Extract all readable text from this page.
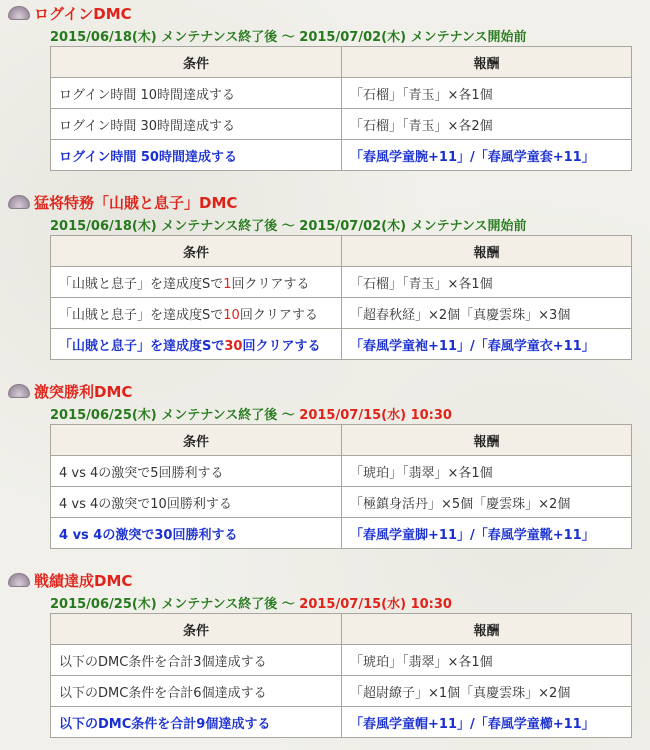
ログインDMC
2015/06/18(木) メンテナンス終了後 ～ 2015/07/02(木) メンテナンス開始前
条件	報酬
ログイン時間 10時間達成する	「石榴」「青玉」×各1個
ログイン時間 30時間達成する	「石榴」「青玉」×各2個
ログイン時間 50時間達成する	「春風学童腕+11」/「春風学童套+11」
猛将特務「山賊と息子」DMC
2015/06/18(木) メンテナンス終了後 ～ 2015/07/02(木) メンテナンス開始前
条件	報酬
「山賊と息子」を達成度Sで1回クリアする	「石榴」「青玉」×各1個
「山賊と息子」を達成度Sで10回クリアする	「超春秋経」×2個「真慶雲珠」×3個
「山賊と息子」を達成度Sで30回クリアする	「春風学童袍+11」/「春風学童衣+11」
激突勝利DMC
2015/06/25(木) メンテナンス終了後 ～ 2015/07/15(水) 10:30
条件	報酬
4 vs 4の激突で5回勝利する	「琥珀」「翡翠」×各1個
4 vs 4の激突で10回勝利する	「極鎮身活丹」×5個「慶雲珠」×2個
4 vs 4の激突で30回勝利する	「春風学童脚+11」/「春風学童靴+11」
戦績達成DMC
2015/06/25(木) メンテナンス終了後 ～ 2015/07/15(水) 10:30
条件	報酬
以下のDMC条件を合計3個達成する	「琥珀」「翡翠」×各1個
以下のDMC条件を合計6個達成する	「超尉繚子」×1個「真慶雲珠」×2個
以下のDMC条件を合計9個達成する	「春風学童帽+11」/「春風学童櫛+11」
